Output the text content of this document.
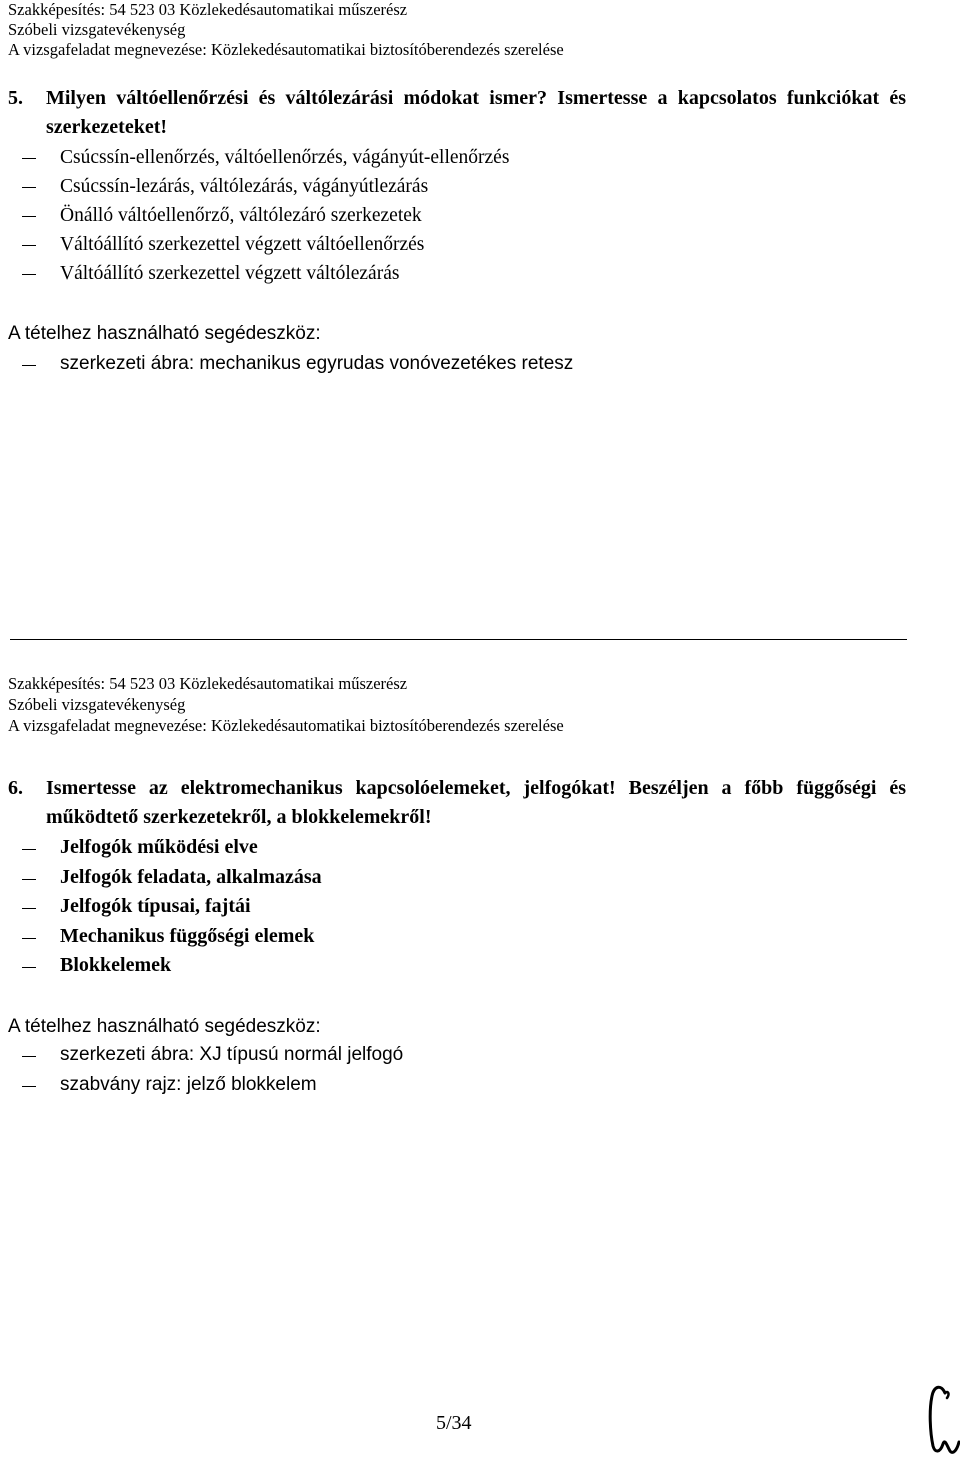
Szakképesítés: 54 523 03 Közlekedésautomatikai műszerész
Szóbeli vizsgatevékenység
A vizsgafeladat megnevezése: Közlekedésautomatikai biztosítóberendezés szerelése
5. Milyen váltóellenőrzési és váltólezárási módokat ismer? Ismertesse a kapcsolatos funkciókat és szerkezeteket!
Csúcssín-ellenőrzés, váltóellenőrzés, vágányút-ellenőrzés
Csúcssín-lezárás, váltólezárás, vágányútlezárás
Önálló váltóellenőrző, váltólezáró szerkezetek
Váltóállító szerkezettel végzett váltóellenőrzés
Váltóállító szerkezettel végzett váltólezárás
A tételhez használható segédeszköz:
szerkezeti ábra: mechanikus egyrudas vonóvezetékes retesz
Szakképesítés: 54 523 03 Közlekedésautomatikai műszerész
Szóbeli vizsgatevékenység
A vizsgafeladat megnevezése: Közlekedésautomatikai biztosítóberendezés szerelése
6. Ismertesse az elektromechanikus kapcsolóelemeket, jelfogókat! Beszéljen a főbb függőségi és működtető szerkezetekről, a blokkelemekről!
Jelfogók működési elve
Jelfogók feladata, alkalmazása
Jelfogók típusai, fajtái
Mechanikus függőségi elemek
Blokkelemek
A tételhez használható segédeszköz:
szerkezeti ábra: XJ típusú normál jelfogó
szabvány rajz: jelző blokkelem
5/34
